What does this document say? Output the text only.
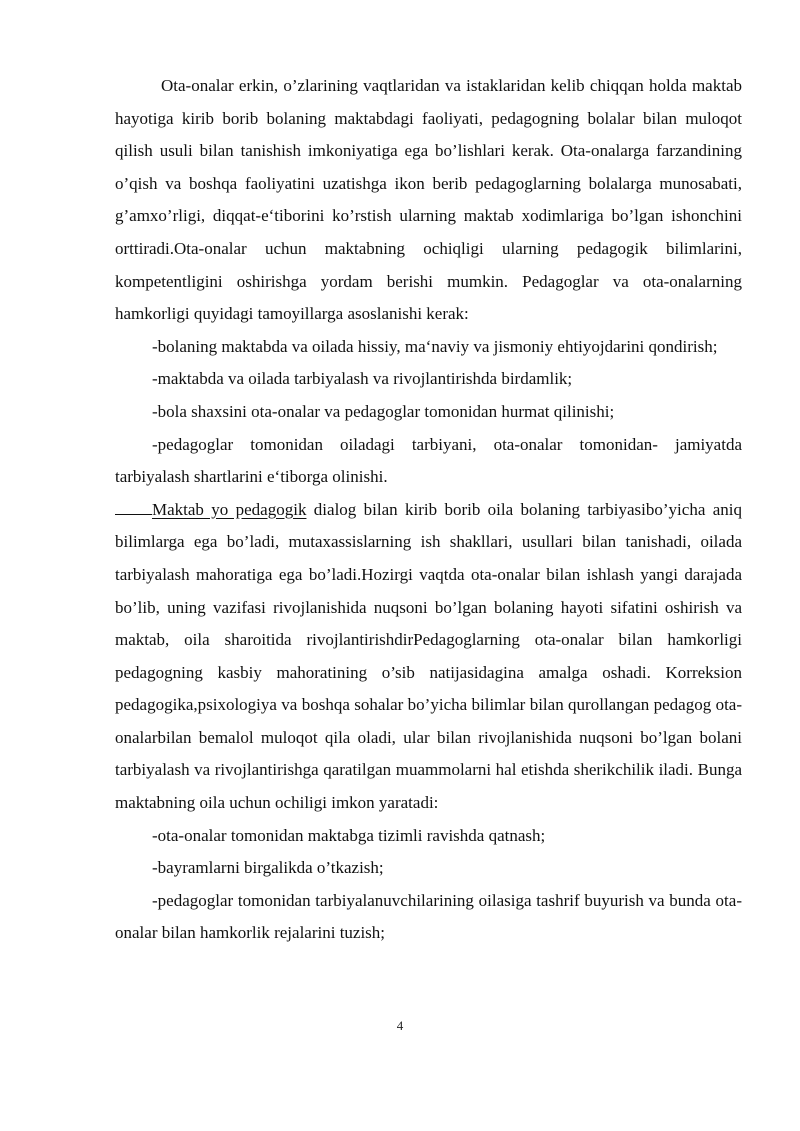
Ota-onalar erkin, o’zlarining vaqtlaridan va istaklaridan kelib chiqqan holda maktab hayotiga kirib borib bolaning maktabdagi faoliyati, pedagogning bolalar bilan muloqot qilish usuli bilan tanishish imkoniyatiga ega bo’lishlari kerak. Ota-onalarga farzandining o’qish va boshqa faoliyatini uzatishga ikon berib pedagoglarning bolalarga munosabati, g’amxo’rligi, diqqat-e‘tiborini ko’rstish ularning maktab xodimlariga bo’lgan ishonchini orttiradi.Ota-onalar uchun maktabning ochiqligi ularning pedagogik bilimlarini, kompetentligini oshirishga yordam berishi mumkin. Pedagoglar va ota-onalarning hamkorligi quyidagi tamoyillarga asoslanishi kerak:

-bolaning maktabda va oilada hissiy, ma‘naviy va jismoniy ehtiyojdarini qondirish;

-maktabda va oilada tarbiyalash va rivojlantirishda birdamlik;

-bola shaxsini ota-onalar va pedagoglar tomonidan hurmat qilinishi;

-pedagoglar tomonidan oiladagi tarbiyani, ota-onalar tomonidan- jamiyatda tarbiyalash shartlarini e‘tiborga olinishi.

Maktab yo pedagogik dialog bilan kirib borib oila bolaning tarbiyasibo’yicha aniq bilimlarga ega bo’ladi, mutaxassislarning ish shakllari, usullari bilan tanishadi, oilada tarbiyalash mahoratiga ega bo’ladi.Hozirgi vaqtda ota-onalar bilan ishlash yangi darajada bo’lib, uning vazifasi rivojlanishida nuqsoni bo’lgan bolaning hayoti sifatini oshirish va maktab, oila sharoitida rivojlantirishdirPedagoglarning ota-onalar bilan hamkorligi pedagogning kasbiy mahoratining o’sib natijasidagina amalga oshadi. Korreksion pedagogika,psixologiya va boshqa sohalar bo’yicha bilimlar bilan qurollangan pedagog ota-onalarbilan bemalol muloqot qila oladi, ular bilan rivojlanishida nuqsoni bo’lgan bolani tarbiyalash va rivojlantirishga qaratilgan muammolarni hal etishda sherikchilik iladi. Bunga maktabning oila uchun ochiligi imkon yaratadi:

-ota-onalar tomonidan maktabga tizimli ravishda qatnash;

-bayramlarni birgalikda o’tkazish;

-pedagoglar tomonidan tarbiyalanuvchilarining oilasiga tashrif buyurish va bunda ota-onalar bilan hamkorlik rejalarini tuzish;

4
